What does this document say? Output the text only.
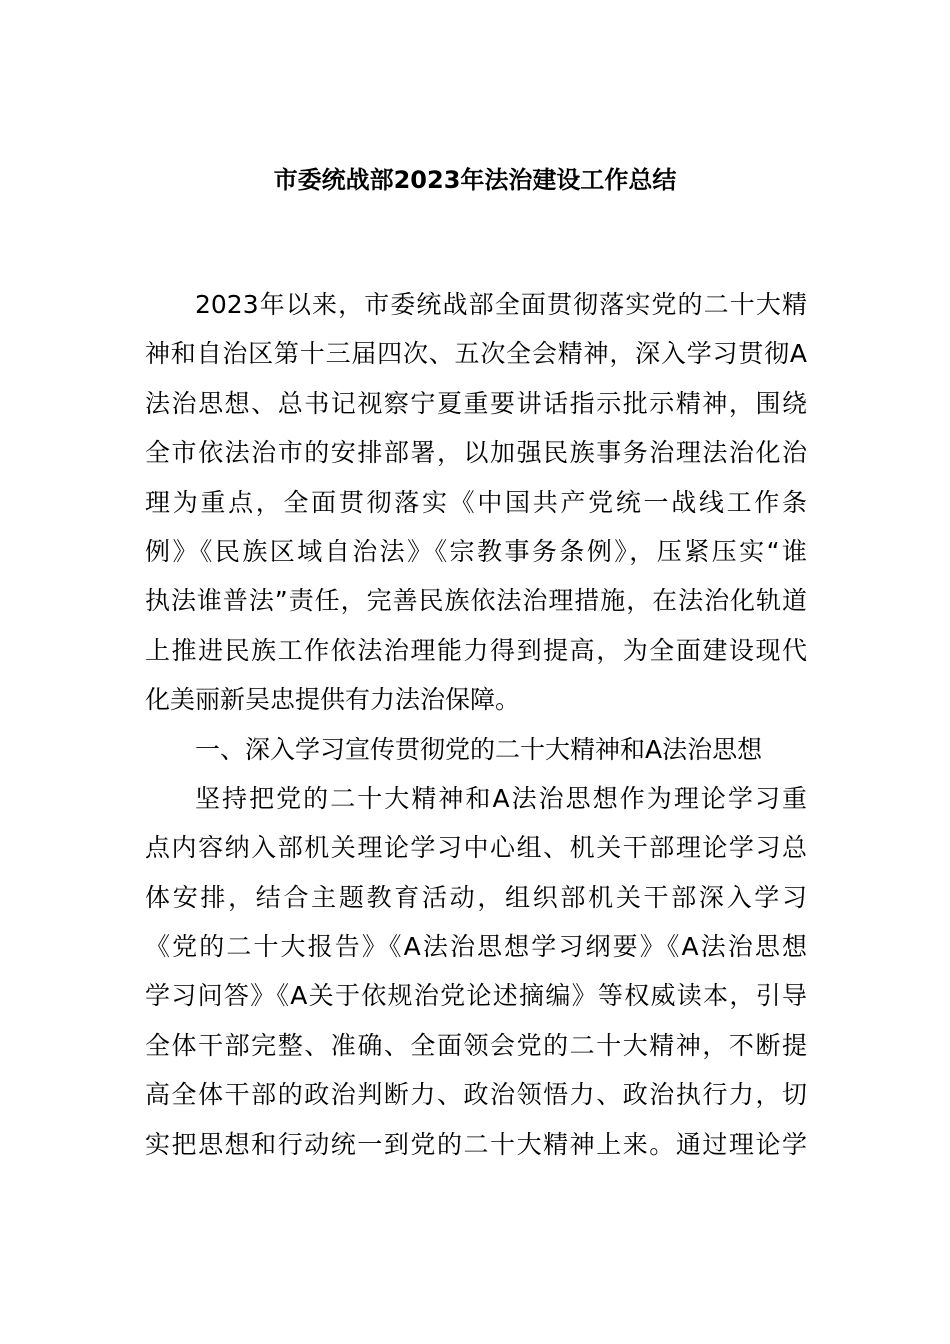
市委统战部2023年法治建设工作总结
2023年以来，市委统战部全面贯彻落实党的二十大精
神和自治区第十三届四次、五次全会精神，深入学习贯彻A
法治思想、总书记视察宁夏重要讲话指示批示精神，围绕
全市依法治市的安排部署，以加强民族事务治理法治化治
理为重点，全面贯彻落实《中国共产党统一战线工作条
例》《民族区域自治法》《宗教事务条例》，压紧压实“谁
执法谁普法”责任，完善民族依法治理措施，在法治化轨道
上推进民族工作依法治理能力得到提高，为全面建设现代
化美丽新吴忠提供有力法治保障。
一、深入学习宣传贯彻党的二十大精神和A法治思想
坚持把党的二十大精神和A法治思想作为理论学习重
点内容纳入部机关理论学习中心组、机关干部理论学习总
体安排，结合主题教育活动，组织部机关干部深入学习
《党的二十大报告》《A法治思想学习纲要》《A法治思想
学习问答》《A关于依规治党论述摘编》等权威读本，引导
全体干部完整、准确、全面领会党的二十大精神，不断提
高全体干部的政治判断力、政治领悟力、政治执行力，切
实把思想和行动统一到党的二十大精神上来。通过理论学
